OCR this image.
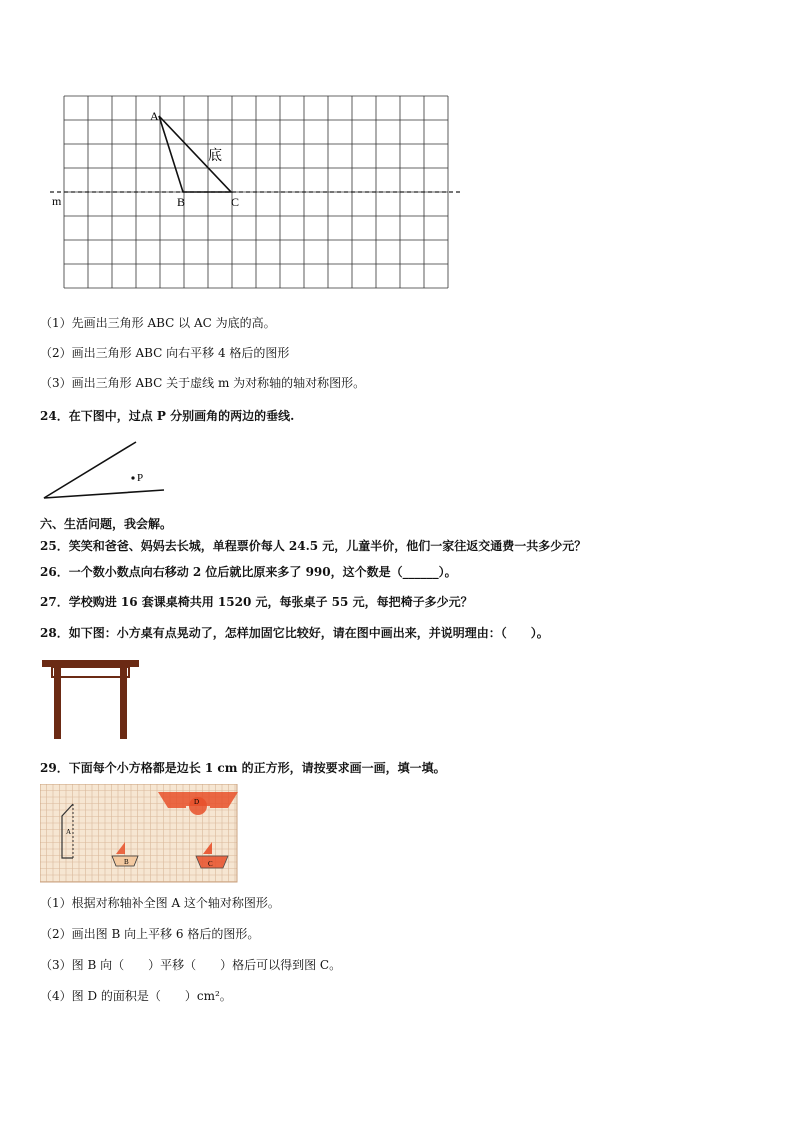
A
B	C
底
m
（1）先画出三角形 ABC 以 AC 为底的高。
（2）画出三角形 ABC 向右平移 4 格后的图形
（3）画出三角形 ABC 关于虚线 m 为对称轴的轴对称图形。
24．在下图中，过点 P 分别画角的两边的垂线.
P
六、生活问题，我会解。
25．笑笑和爸爸、妈妈去长城，单程票价每人 24.5 元，儿童半价，他们一家往返交通费一共多少元？
26．一个数小数点向右移动 2 位后就比原来多了 990，这个数是（______）。
27．学校购进 16 套课桌椅共用 1520 元，每张桌子 55 元，每把椅子多少元？
28．如下图：小方桌有点晃动了，怎样加固它比较好，请在图中画出来，并说明理由：（　　）。
29．下面每个小方格都是边长 1 cm 的正方形，请按要求画一画，填一填。
A
D
B	C
（1）根据对称轴补全图 A 这个轴对称图形。
（2）画出图 B 向上平移 6 格后的图形。
（3）图 B 向（　　）平移（　　）格后可以得到图 C。
（4）图 D 的面积是（　　）cm²。
